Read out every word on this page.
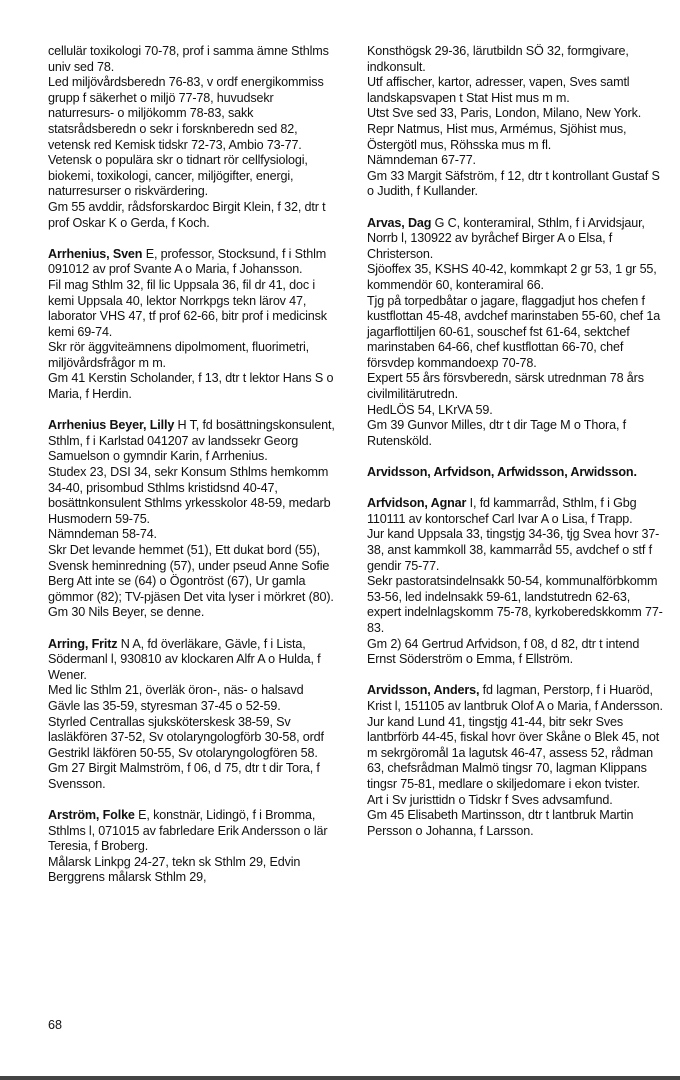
cellulär toxikologi 70-78, prof i samma ämne Sthlms univ sed 78.

Led miljövårdsberedn 76-83, v ordf energikommiss grupp f säkerhet o miljö 77-78, huvudsekr naturresurs- o miljökomm 78-83, sakk statsrådsberedn o sekr i forsknberedn sed 82, vetensk red Kemisk tidskr 72-73, Ambio 73-77.

Vetensk o populära skr o tidnart rör cellfysiologi, biokemi, toxikologi, cancer, miljögifter, energi, naturresurser o riskvärdering.

Gm 55 avddir, rådsforskardoc Birgit Klein, f 32, dtr t prof Oskar K o Gerda, f Koch.

Arrhenius, Sven E, professor, Stocksund, f i Sthlm 091012 av prof Svante A o Maria, f Johansson.

Fil mag Sthlm 32, fil lic Uppsala 36, fil dr 41, doc i kemi Uppsala 40, lektor Norrkpgs tekn lärov 47, laborator VHS 47, tf prof 62-66, bitr prof i medicinsk kemi 69-74.

Skr rör äggviteämnens dipolmoment, fluorimetri, miljövårdsfrågor m m.

Gm 41 Kerstin Scholander, f 13, dtr t lektor Hans S o Maria, f Herdin.

Arrhenius Beyer, Lilly H T, fd bosättningskonsulent, Sthlm, f i Karlstad 041207 av landssekr Georg Samuelson o gymndir Karin, f Arrhenius.

Studex 23, DSI 34, sekr Konsum Sthlms hemkomm 34-40, prisombud Sthlms kristidsnd 40-47, bosättnkonsulent Sthlms yrkesskolor 48-59, medarb Husmodern 59-75.

Nämndeman 58-74.

Skr Det levande hemmet (51), Ett dukat bord (55), Svensk heminredning (57), under pseud Anne Sofie Berg Att inte se (64) o Ögontröst (67), Ur gamla gömmor (82); TV-pjäsen Det vita lyser i mörkret (80).

Gm 30 Nils Beyer, se denne.

Arring, Fritz N A, fd överläkare, Gävle, f i Lista, Södermanl l, 930810 av klockaren Alfr A o Hulda, f Wener.

Med lic Sthlm 21, överläk öron-, näs- o halsavd Gävle las 35-59, styresman 37-45 o 52-59.

Styrled Centrallas sjuksköterskesk 38-59, Sv lasläkfören 37-52, Sv otolaryngologförb 30-58, ordf Gestrikl läkfören 50-55, Sv otolaryngologfören 58.

Gm 27 Birgit Malmström, f 06, d 75, dtr t dir Tora, f Svensson.

Arström, Folke E, konstnär, Lidingö, f i Bromma, Sthlms l, 071015 av fabrledare Erik Andersson o lär Teresia, f Broberg.

Målarsk Linkpg 24-27, tekn sk Sthlm 29, Edvin Berggrens målarsk Sthlm 29,

Konsthögsk 29-36, lärutbildn SÖ 32, formgivare, indkonsult.

Utf affischer, kartor, adresser, vapen, Sves samtl landskapsvapen t Stat Hist mus m m.

Utst Sve sed 33, Paris, London, Milano, New York.

Repr Natmus, Hist mus, Armémus, Sjöhist mus, Östergötl mus, Röhsska mus m fl.

Nämndeman 67-77.

Gm 33 Margit Säfström, f 12, dtr t kontrollant Gustaf S o Judith, f Kullander.

Arvas, Dag G C, konteramiral, Sthlm, f i Arvidsjaur, Norrb l, 130922 av byråchef Birger A o Elsa, f Christerson.

Sjöoffex 35, KSHS 40-42, kommkapt 2 gr 53, 1 gr 55, kommendör 60, konteramiral 66.

Tjg på torpedbåtar o jagare, flaggadjut hos chefen f kustflottan 45-48, avdchef marinstaben 55-60, chef 1a jagarflottiljen 60-61, souschef fst 61-64, sektchef marinstaben 64-66, chef kustflottan 66-70, chef försvdep kommandoexp 70-78.

Expert 55 års försvberedn, särsk utrednman 78 års civilmilitärutredn.

HedLÖS 54, LKrVA 59.

Gm 39 Gunvor Milles, dtr t dir Tage M o Thora, f Rutensköld.

Arvidsson, Arfvidson, Arfwidsson, Arwidsson.

Arfvidson, Agnar I, fd kammarråd, Sthlm, f i Gbg 110111 av kontorschef Carl Ivar A o Lisa, f Trapp.

Jur kand Uppsala 33, tingstjg 34-36, tjg Svea hovr 37-38, anst kammkoll 38, kammarråd 55, avdchef o stf f gendir 75-77.

Sekr pastoratsindelnsakk 50-54, kommunalförbkomm 53-56, led indelnsakk 59-61, landstutredn 62-63, expert indelnlagskomm 75-78, kyrkoberedskkomm 77-83.

Gm 2) 64 Gertrud Arfvidson, f 08, d 82, dtr t intend Ernst Söderström o Emma, f Ellström.

Arvidsson, Anders, fd lagman, Perstorp, f i Huaröd, Krist l, 151105 av lantbruk Olof A o Maria, f Andersson.

Jur kand Lund 41, tingstjg 41-44, bitr sekr Sves lantbrförb 44-45, fiskal hovr över Skåne o Blek 45, not m sekrgöromål 1a lagutsk 46-47, assess 52, rådman 63, chefsrådman Malmö tingsr 70, lagman Klippans tingsr 75-81, medlare o skiljedomare i ekon tvister.

Art i Sv juristtidn o Tidskr f Sves advsamfund.

Gm 45 Elisabeth Martinsson, dtr t lantbruk Martin Persson o Johanna, f Larsson.

68
